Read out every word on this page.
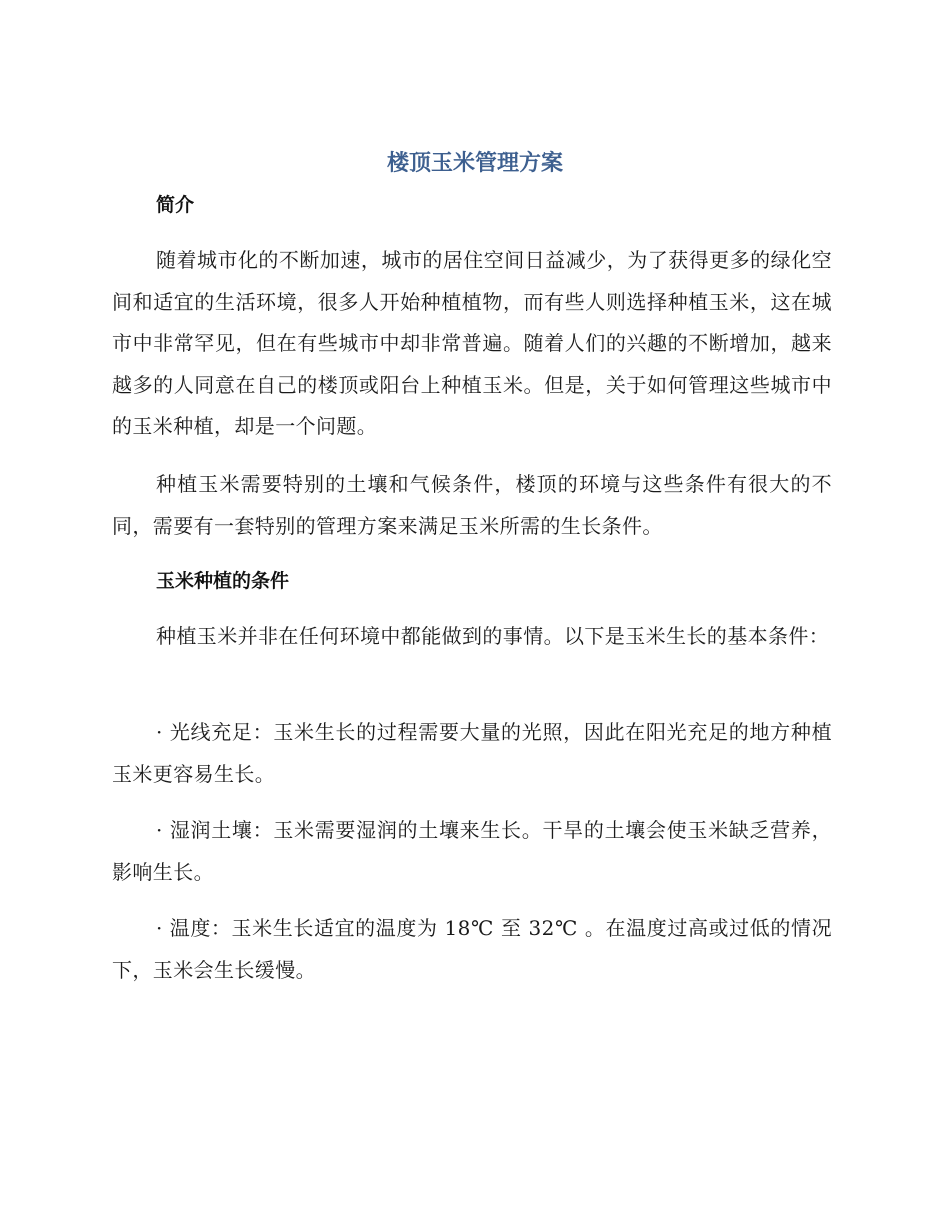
楼顶玉米管理方案
简介

随着城市化的不断加速，城市的居住空间日益减少，为了获得更多的绿化空间和适宜的生活环境，很多人开始种植植物，而有些人则选择种植玉米，这在城市中非常罕见，但在有些城市中却非常普遍。随着人们的兴趣的不断增加，越来越多的人同意在自己的楼顶或阳台上种植玉米。但是，关于如何管理这些城市中的玉米种植，却是一个问题。

种植玉米需要特别的土壤和气候条件，楼顶的环境与这些条件有很大的不同，需要有一套特别的管理方案来满足玉米所需的生长条件。

玉米种植的条件

种植玉米并非在任何环境中都能做到的事情。以下是玉米生长的基本条件：

· 光线充足：玉米生长的过程需要大量的光照，因此在阳光充足的地方种植玉米更容易生长。

· 湿润土壤：玉米需要湿润的土壤来生长。干旱的土壤会使玉米缺乏营养，影响生长。

· 温度：玉米生长适宜的温度为 18℃ 至 32℃ 。在温度过高或过低的情况下，玉米会生长缓慢。
